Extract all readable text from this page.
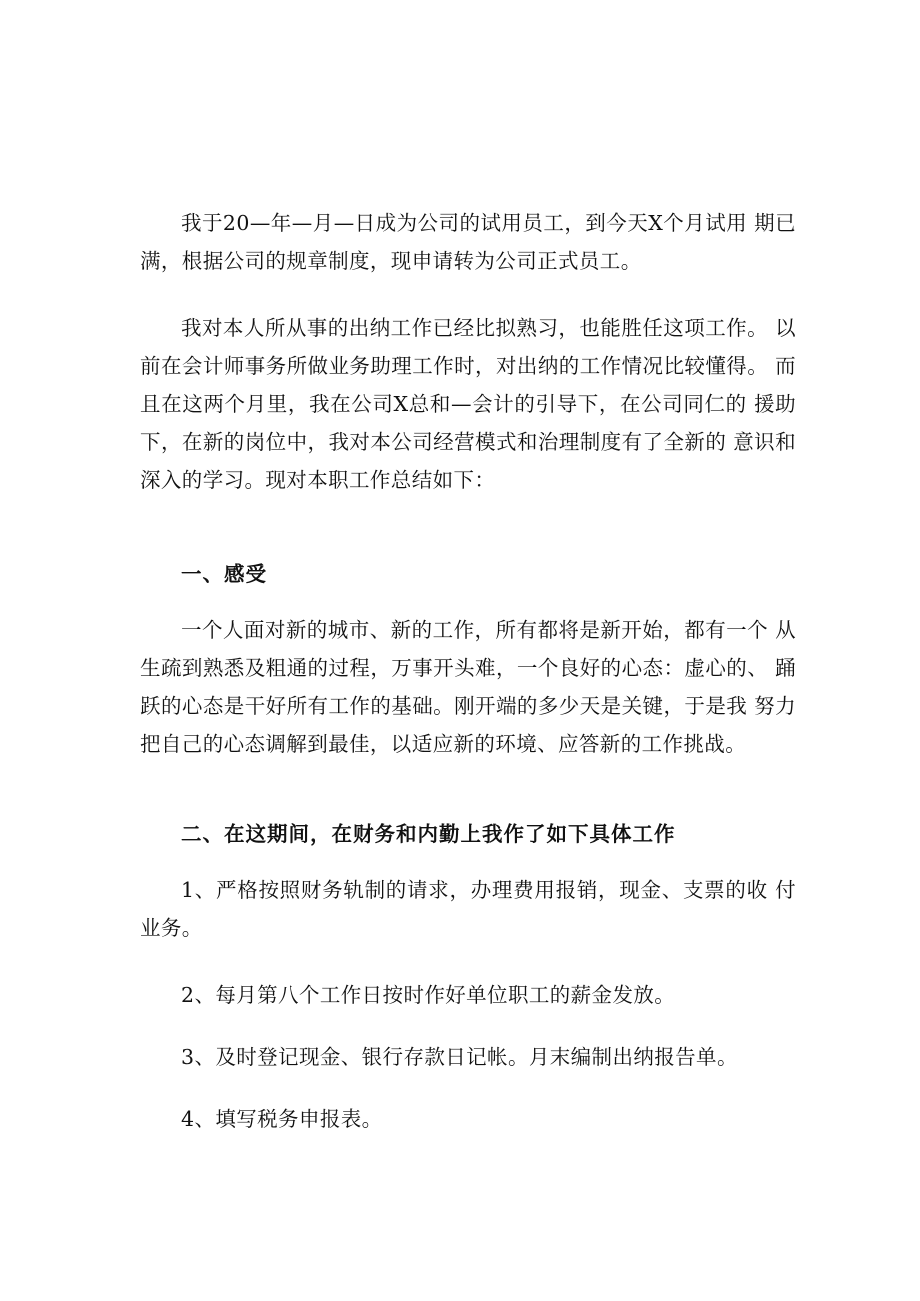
我于20—年—月—日成为公司的试用员工，到今天X个月试用 期已满，根据公司的规章制度，现申请转为公司正式员工。

我对本人所从事的出纳工作已经比拟熟习，也能胜任这项工作。 以前在会计师事务所做业务助理工作时，对出纳的工作情况比较懂得。 而且在这两个月里，我在公司X总和—会计的引导下，在公司同仁的 援助下，在新的岗位中，我对本公司经营模式和治理制度有了全新的 意识和深入的学习。现对本职工作总结如下：

一、感受

一个人面对新的城市、新的工作，所有都将是新开始，都有一个 从生疏到熟悉及粗通的过程，万事开头难，一个良好的心态：虚心的、 踊跃的心态是干好所有工作的基础。刚开端的多少天是关键，于是我 努力把自己的心态调解到最佳，以适应新的环境、应答新的工作挑战。

二、在这期间，在财务和内勤上我作了如下具体工作

1、严格按照财务轨制的请求，办理费用报销，现金、支票的收 付业务。

2、每月第八个工作日按时作好单位职工的薪金发放。

3、及时登记现金、银行存款日记帐。月末编制出纳报告单。

4、填写税务申报表。
